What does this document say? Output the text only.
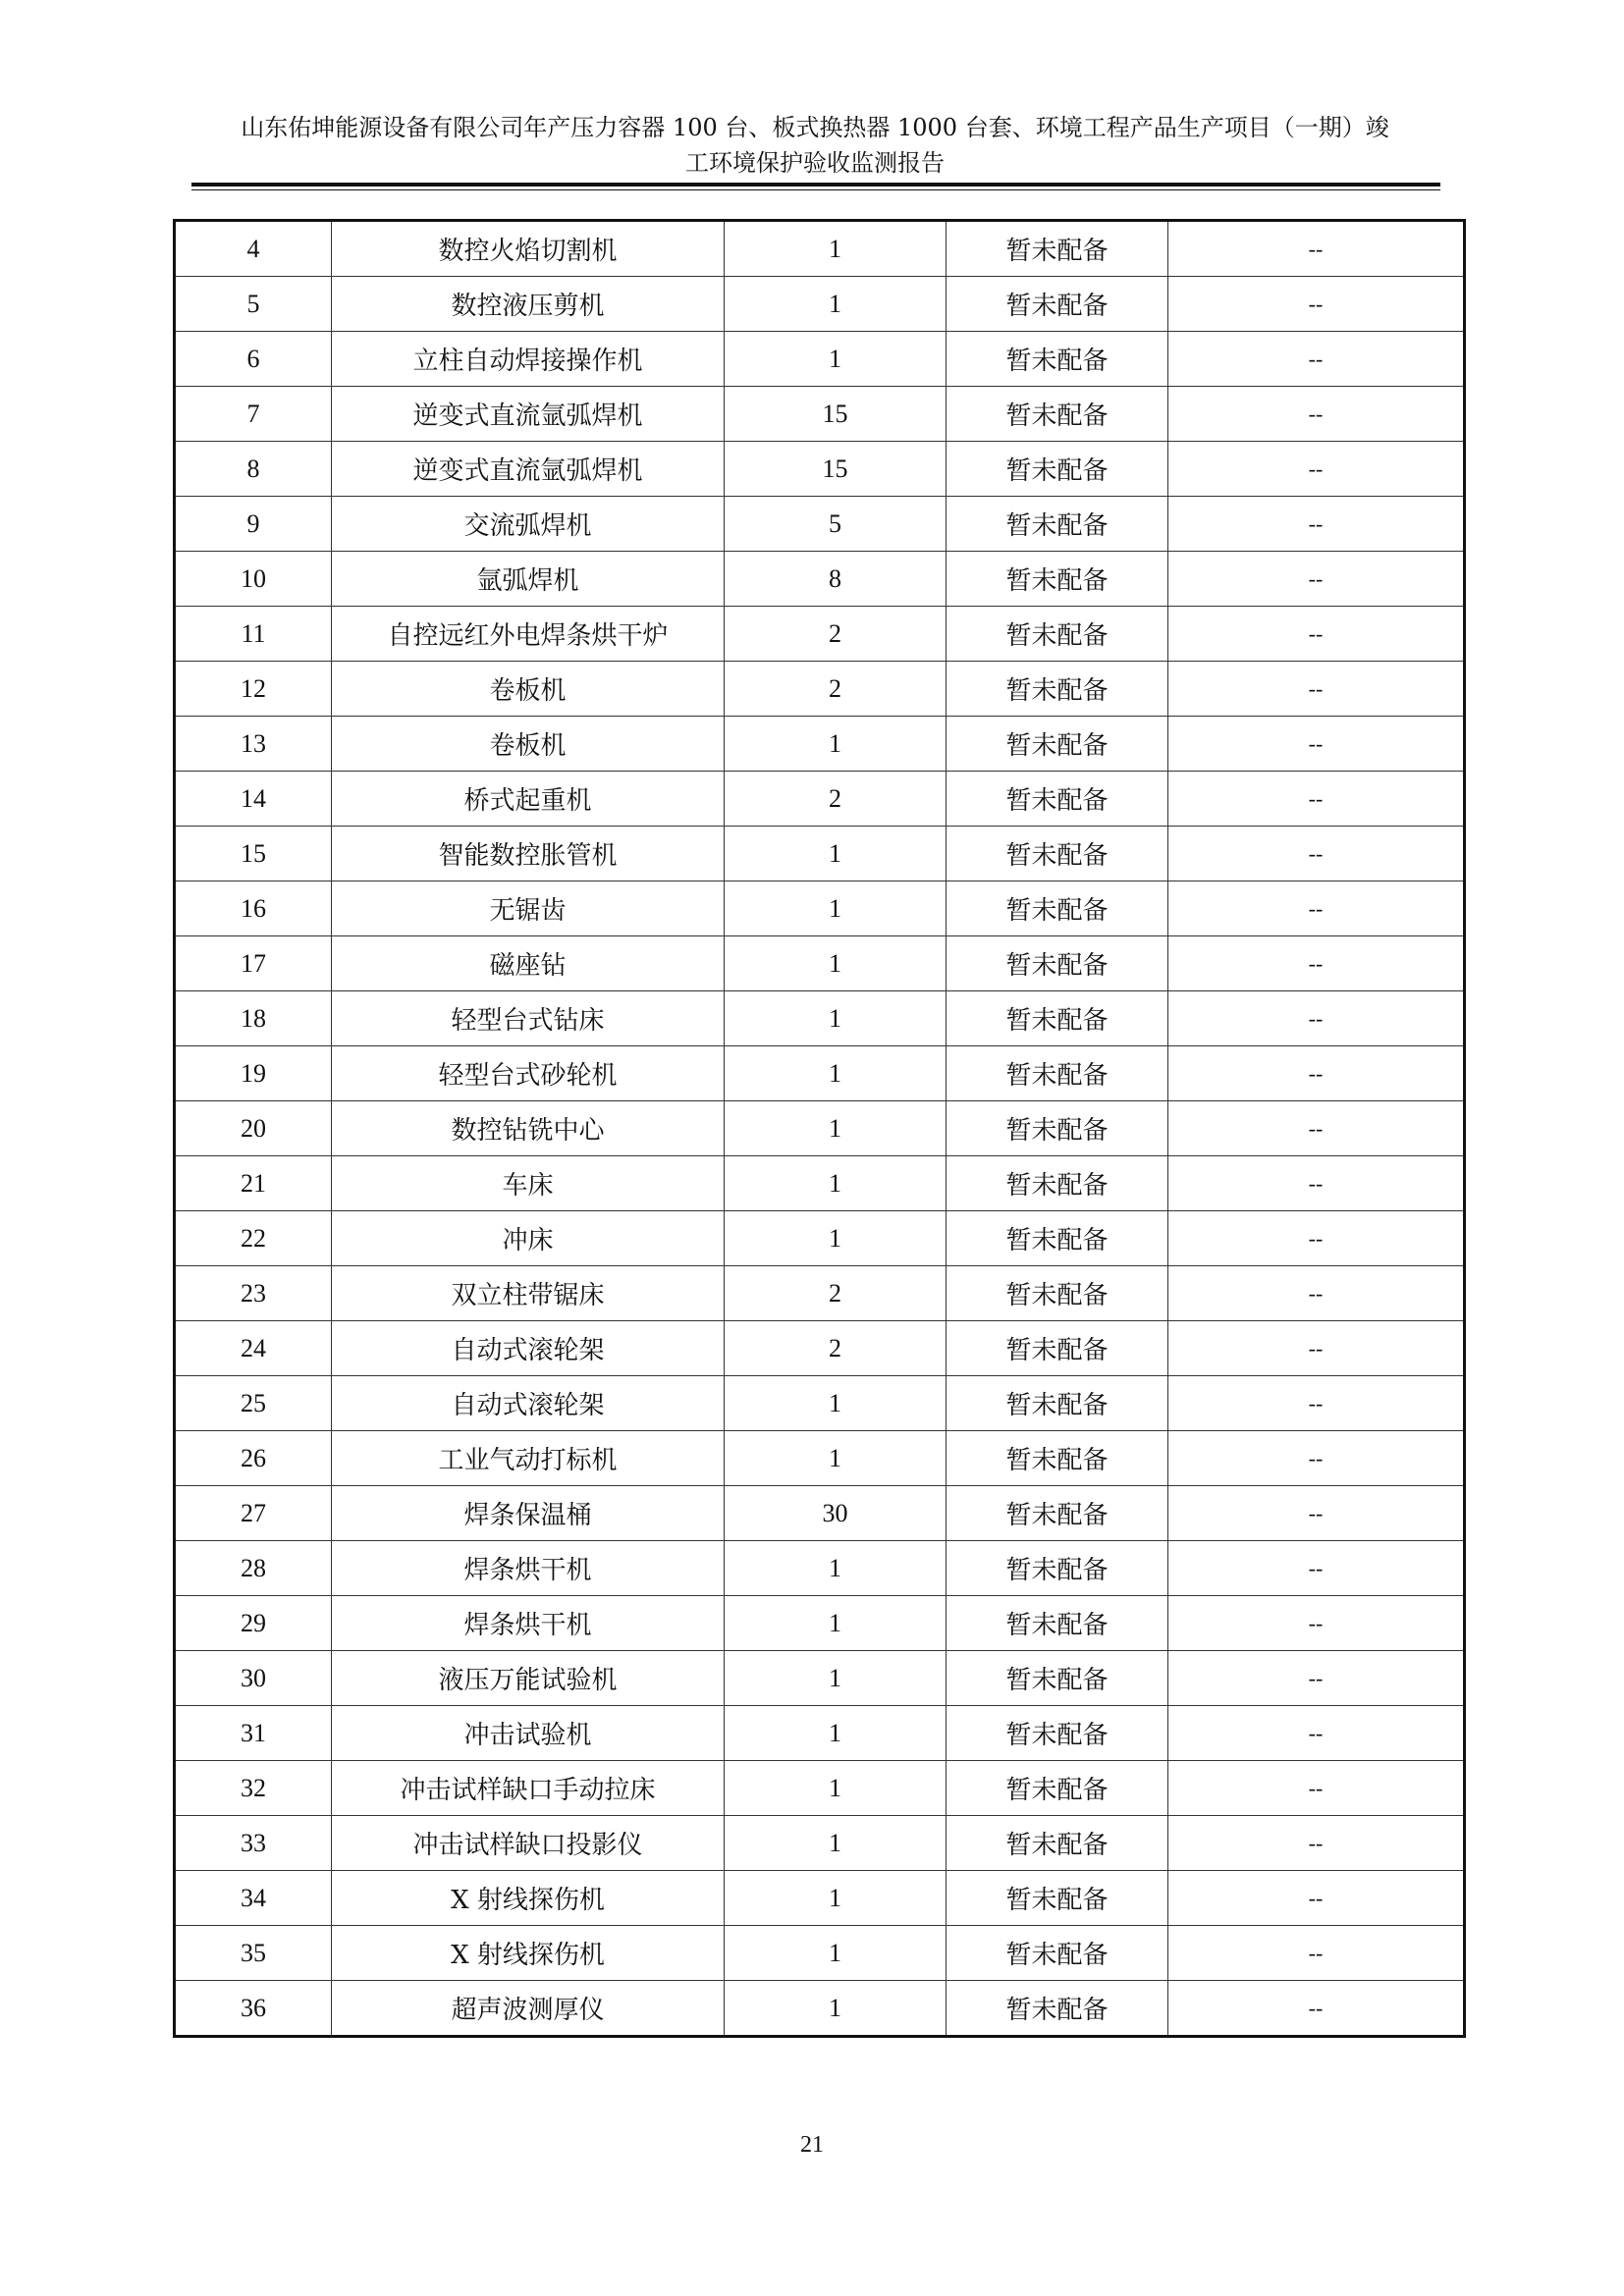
山东佑坤能源设备有限公司年产压力容器 100 台、板式换热器 1000 台套、环境工程产品生产项目（一期）竣
工环境保护验收监测报告
4	数控火焰切割机	1	暂未配备	--
5	数控液压剪机	1	暂未配备	--
6	立柱自动焊接操作机	1	暂未配备	--
7	逆变式直流氩弧焊机	15	暂未配备	--
8	逆变式直流氩弧焊机	15	暂未配备	--
9	交流弧焊机	5	暂未配备	--
10	氩弧焊机	8	暂未配备	--
11	自控远红外电焊条烘干炉	2	暂未配备	--
12	卷板机	2	暂未配备	--
13	卷板机	1	暂未配备	--
14	桥式起重机	2	暂未配备	--
15	智能数控胀管机	1	暂未配备	--
16	无锯齿	1	暂未配备	--
17	磁座钻	1	暂未配备	--
18	轻型台式钻床	1	暂未配备	--
19	轻型台式砂轮机	1	暂未配备	--
20	数控钻铣中心	1	暂未配备	--
21	车床	1	暂未配备	--
22	冲床	1	暂未配备	--
23	双立柱带锯床	2	暂未配备	--
24	自动式滚轮架	2	暂未配备	--
25	自动式滚轮架	1	暂未配备	--
26	工业气动打标机	1	暂未配备	--
27	焊条保温桶	30	暂未配备	--
28	焊条烘干机	1	暂未配备	--
29	焊条烘干机	1	暂未配备	--
30	液压万能试验机	1	暂未配备	--
31	冲击试验机	1	暂未配备	--
32	冲击试样缺口手动拉床	1	暂未配备	--
33	冲击试样缺口投影仪	1	暂未配备	--
34	X 射线探伤机	1	暂未配备	--
35	X 射线探伤机	1	暂未配备	--
36	超声波测厚仪	1	暂未配备	--
21
